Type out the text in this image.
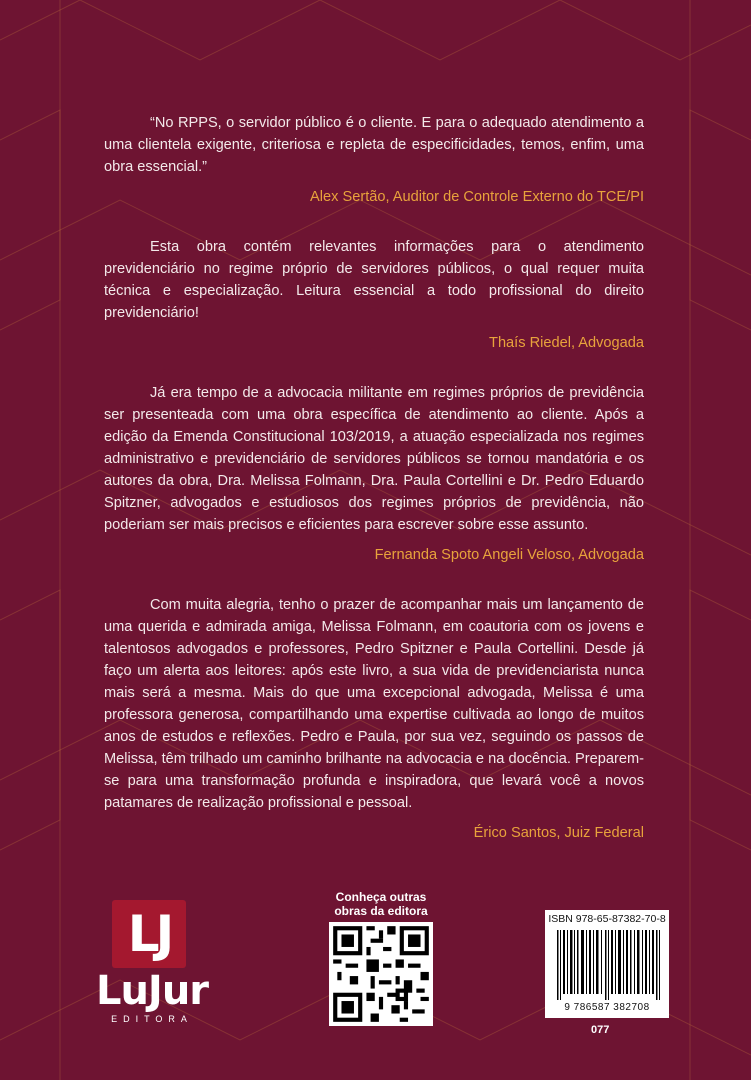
“No RPPS, o servidor público é o cliente. E para o adequado atendimento a uma clientela exigente, criteriosa e repleta de especificidades, temos, enfim, uma obra essencial.”

Alex Sertão, Auditor de Controle Externo do TCE/PI

Esta obra contém relevantes informações para o atendimento previdenciário no regime próprio de servidores públicos, o qual requer muita técnica e especialização. Leitura essencial a todo profissional do direito previdenciário!

Thaís Riedel, Advogada

Já era tempo de a advocacia militante em regimes próprios de previdência ser presenteada com uma obra específica de atendimento ao cliente. Após a edição da Emenda Constitucional 103/2019, a atuação especializada nos regimes administrativo e previdenciário de servidores públicos se tornou mandatória e os autores da obra, Dra. Melissa Folmann, Dra. Paula Cortellini e Dr. Pedro Eduardo Spitzner, advogados e estudiosos dos regimes próprios de previdência, não poderiam ser mais precisos e eficientes para escrever sobre esse assunto.

Fernanda Spoto Angeli Veloso, Advogada

Com muita alegria, tenho o prazer de acompanhar mais um lançamento de uma querida e admirada amiga, Melissa Folmann, em coautoria com os jovens e talentosos advogados e professores, Pedro Spitzner e Paula Cortellini. Desde já faço um alerta aos leitores: após este livro, a sua vida de previdenciarista nunca mais será a mesma. Mais do que uma excepcional advogada, Melissa é uma professora generosa, compartilhando uma expertise cultivada ao longo de muitos anos de estudos e reflexões. Pedro e Paula, por sua vez, seguindo os passos de Melissa, têm trilhado um caminho brilhante na advocacia e na docência. Preparem-se para uma transformação profunda e inspiradora, que levará você a novos patamares de realização profissional e pessoal.

Érico Santos, Juiz Federal

LJ
LuJur
EDITORA
Conheça outras
obras da editora
ISBN 978-65-87382-70-8
9 786587 382708
077
